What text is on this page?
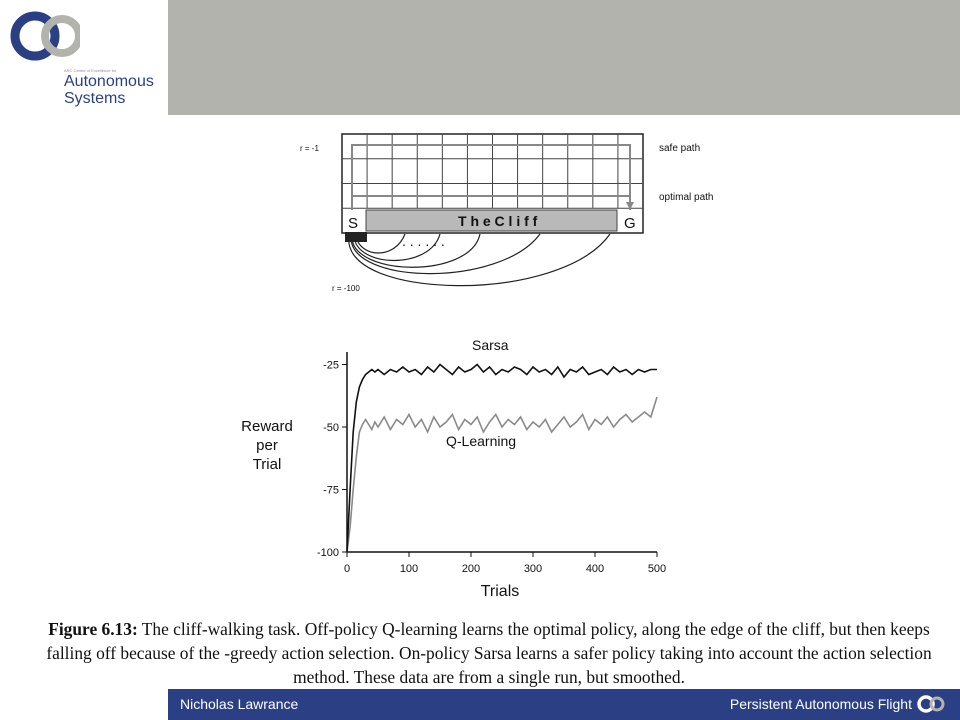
ARC Centre of Excellence for
Autonomous
Systems
T h e C l i f f
S	G
safe path
optimal path
r = -1
r = -100
. . . . . .
-25
-50
-75
-100
0	100	200	300	400	500
Sarsa
Q-Learning
Reward
per
Trial
Trials
Figure 6.13: The cliff-walking task. Off-policy Q-learning learns the optimal policy, along the edge of the cliff, but then keeps falling off because of the -greedy action selection. On-policy Sarsa learns a safer policy taking into account the action selection method. These data are from a single run, but smoothed.
Nicholas Lawrance	Persistent Autonomous Flight
